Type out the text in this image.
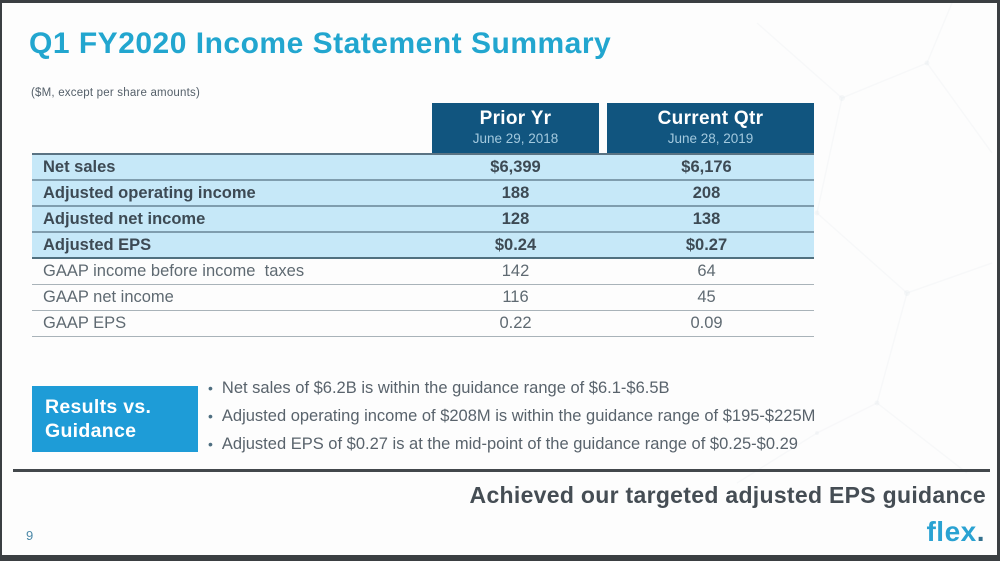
Q1 FY2020 Income Statement Summary
($M, except per share amounts)
Prior Yr
June 29, 2018
Current Qtr
June 28, 2019
Net sales	$6,399	$6,176
Adjusted operating income	188	208
Adjusted net income	128	138
Adjusted EPS	$0.24	$0.27
GAAP income before income  taxes	142	64
GAAP net income	116	45
GAAP EPS	0.22	0.09
Results vs.
Guidance
• Net sales of $6.2B is within the guidance range of $6.1-$6.5B
• Adjusted operating income of $208M is within the guidance range of $195-$225M
• Adjusted EPS of $0.27 is at the mid-point of the guidance range of $0.25-$0.29
Achieved our targeted adjusted EPS guidance
9	flex.
